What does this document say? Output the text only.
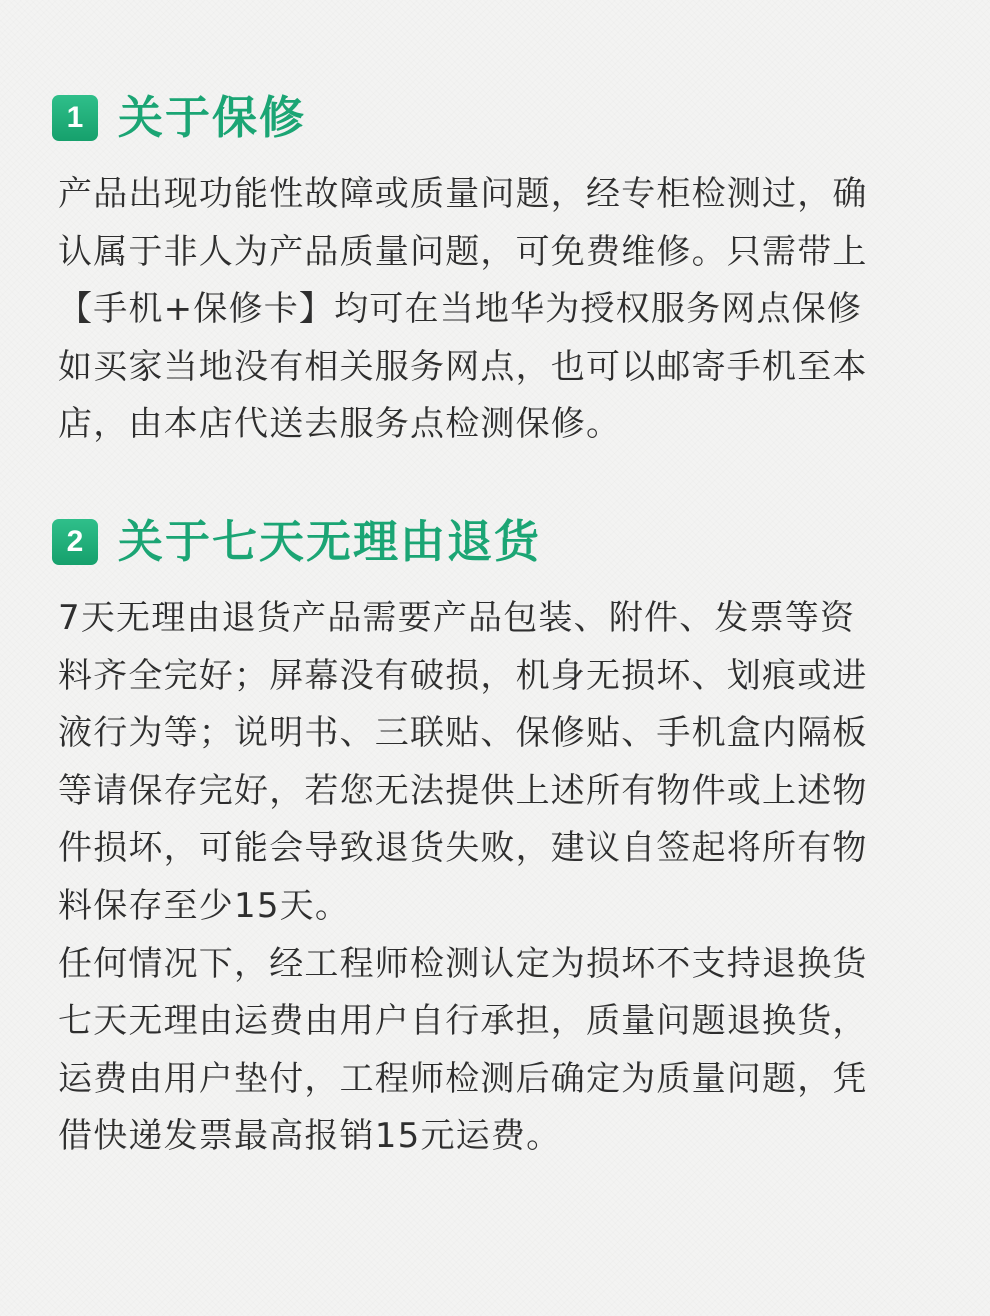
1 关于保修
产品出现功能性故障或质量问题，经专柜检测过，确
认属于非人为产品质量问题，可免费维修。只需带上
【手机+保修卡】均可在当地华为授权服务网点保修
如买家当地没有相关服务网点，也可以邮寄手机至本
店，由本店代送去服务点检测保修。
2 关于七天无理由退货
7天无理由退货产品需要产品包装、附件、发票等资
料齐全完好；屏幕没有破损，机身无损坏、划痕或进
液行为等；说明书、三联贴、保修贴、手机盒内隔板
等请保存完好，若您无法提供上述所有物件或上述物
件损坏，可能会导致退货失败，建议自签起将所有物
料保存至少15天。
任何情况下，经工程师检测认定为损坏不支持退换货
七天无理由运费由用户自行承担，质量问题退换货，
运费由用户垫付，工程师检测后确定为质量问题，凭
借快递发票最高报销15元运费。
